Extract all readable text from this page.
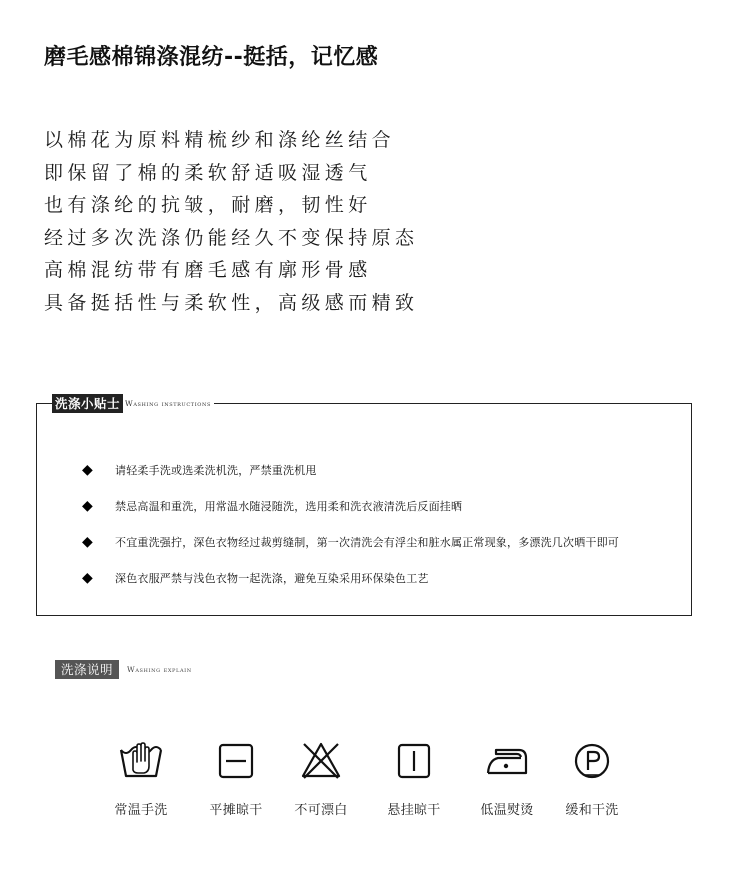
磨毛感棉锦涤混纺--挺括，记忆感
以棉花为原料精梳纱和涤纶丝结合
即保留了棉的柔软舒适吸湿透气
也有涤纶的抗皱，耐磨，韧性好
经过多次洗涤仍能经久不变保持原态
高棉混纺带有磨毛感有廓形骨感
具备挺括性与柔软性，高级感而精致
洗涤小贴士 Washing instructions
◆	请轻柔手洗或选柔洗机洗，严禁重洗机甩
◆	禁忌高温和重洗，用常温水随浸随洗，选用柔和洗衣液清洗后反面挂晒
◆	不宜重洗强拧，深色衣物经过裁剪缝制，第一次清洗会有浮尘和脏水属正常现象，多漂洗几次晒干即可
◆	深色衣服严禁与浅色衣物一起洗涤，避免互染采用环保染色工艺
洗涤说明	Washing explain
常温手洗	平摊晾干	不可漂白	悬挂晾干	低温熨烫	缓和干洗
